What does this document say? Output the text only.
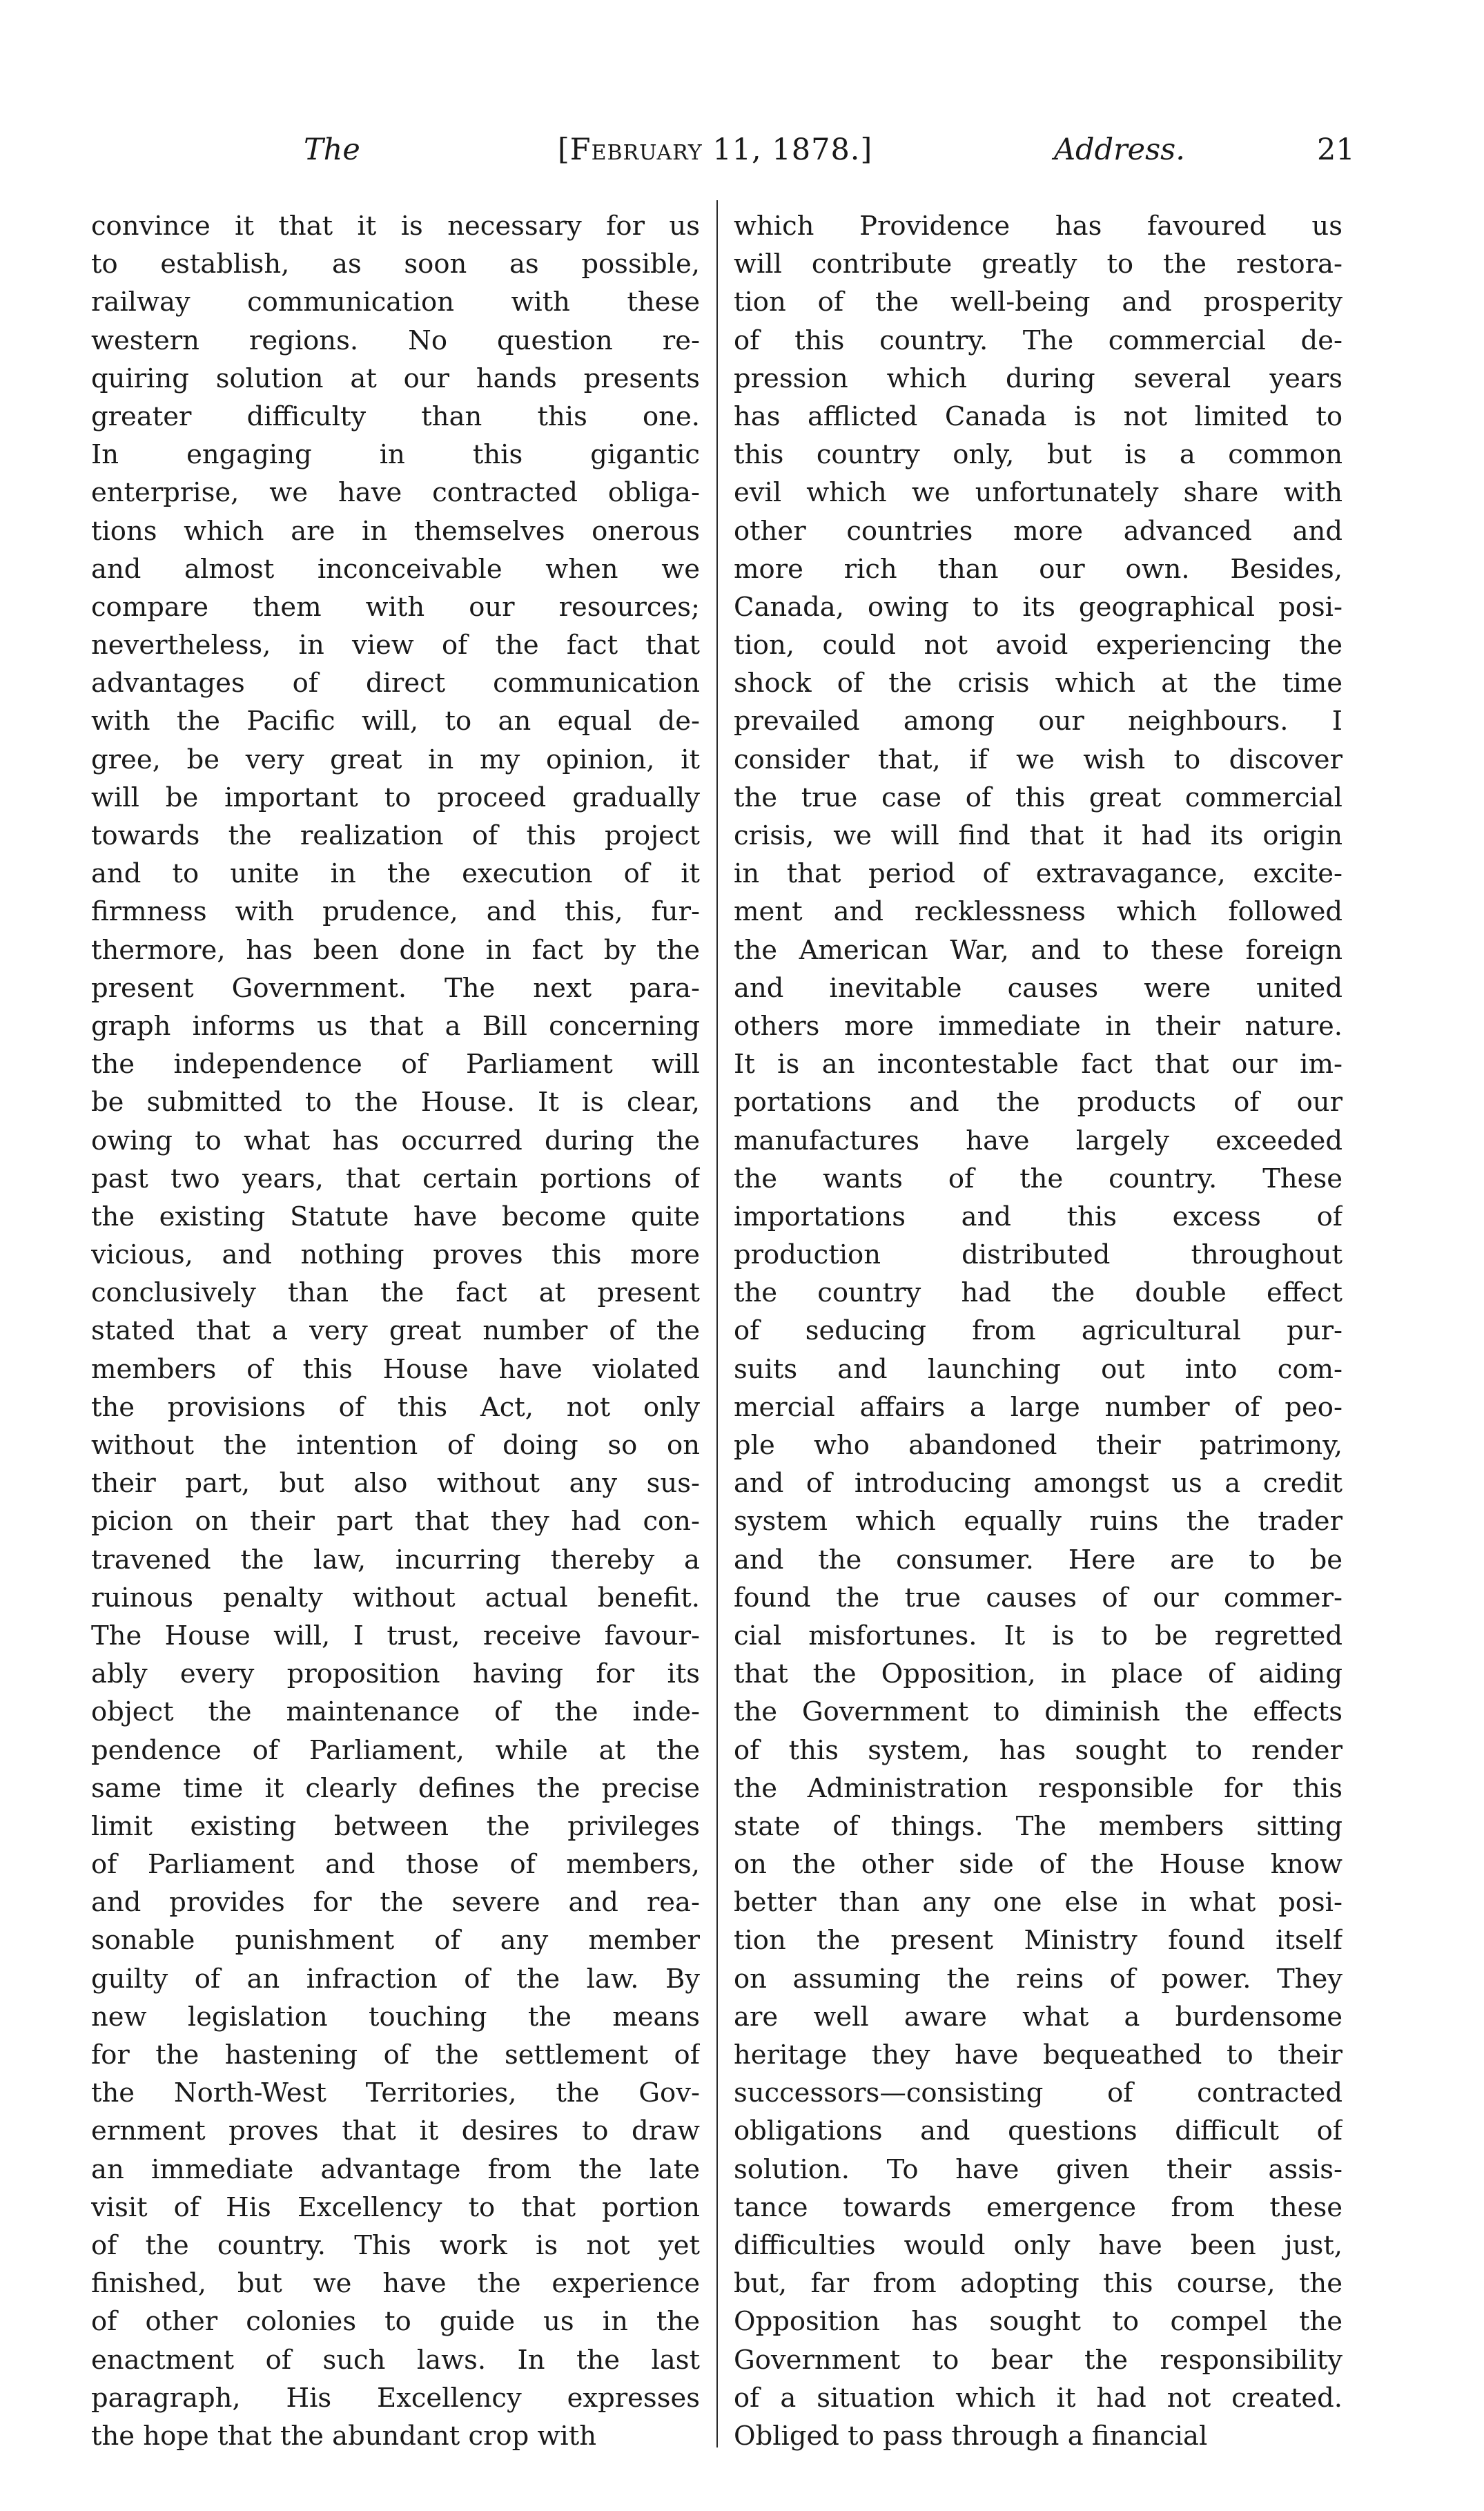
The	[February 11, 1878.]	Address.	21
convince it that it is necessary for us
to establish, as soon as possible,
railway communication with these
western regions. No question re-
quiring solution at our hands presents
greater difficulty than this one.
In engaging in this gigantic
enterprise, we have contracted obliga-
tions which are in themselves onerous
and almost inconceivable when we
compare them with our resources;
nevertheless, in view of the fact that
advantages of direct communication
with the Pacific will, to an equal de-
gree, be very great in my opinion, it
will be important to proceed gradually
towards the realization of this project
and to unite in the execution of it
firmness with prudence, and this, fur-
thermore, has been done in fact by the
present Government. The next para-
graph informs us that a Bill concerning
the independence of Parliament will
be submitted to the House. It is clear,
owing to what has occurred during the
past two years, that certain portions of
the existing Statute have become quite
vicious, and nothing proves this more
conclusively than the fact at present
stated that a very great number of the
members of this House have violated
the provisions of this Act, not only
without the intention of doing so on
their part, but also without any sus-
picion on their part that they had con-
travened the law, incurring thereby a
ruinous penalty without actual benefit.
The House will, I trust, receive favour-
ably every proposition having for its
object the maintenance of the inde-
pendence of Parliament, while at the
same time it clearly defines the precise
limit existing between the privileges
of Parliament and those of members,
and provides for the severe and rea-
sonable punishment of any member
guilty of an infraction of the law. By
new legislation touching the means
for the hastening of the settlement of
the North-West Territories, the Gov-
ernment proves that it desires to draw
an immediate advantage from the late
visit of His Excellency to that portion
of the country. This work is not yet
finished, but we have the experience
of other colonies to guide us in the
enactment of such laws. In the last
paragraph, His Excellency expresses
the hope that the abundant crop with
which Providence has favoured us
will contribute greatly to the restora-
tion of the well-being and prosperity
of this country. The commercial de-
pression which during several years
has afflicted Canada is not limited to
this country only, but is a common
evil which we unfortunately share with
other countries more advanced and
more rich than our own. Besides,
Canada, owing to its geographical posi-
tion, could not avoid experiencing the
shock of the crisis which at the time
prevailed among our neighbours. I
consider that, if we wish to discover
the true case of this great commercial
crisis, we will find that it had its origin
in that period of extravagance, excite-
ment and recklessness which followed
the American War, and to these foreign
and inevitable causes were united
others more immediate in their nature.
It is an incontestable fact that our im-
portations and the products of our
manufactures have largely exceeded
the wants of the country. These
importations and this excess of
production distributed throughout
the country had the double effect
of seducing from agricultural pur-
suits and launching out into com-
mercial affairs a large number of peo-
ple who abandoned their patrimony,
and of introducing amongst us a credit
system which equally ruins the trader
and the consumer. Here are to be
found the true causes of our commer-
cial misfortunes. It is to be regretted
that the Opposition, in place of aiding
the Government to diminish the effects
of this system, has sought to render
the Administration responsible for this
state of things. The members sitting
on the other side of the House know
better than any one else in what posi-
tion the present Ministry found itself
on assuming the reins of power. They
are well aware what a burdensome
heritage they have bequeathed to their
successors—consisting of contracted
obligations and questions difficult of
solution. To have given their assis-
tance towards emergence from these
difficulties would only have been just,
but, far from adopting this course, the
Opposition has sought to compel the
Government to bear the responsibility
of a situation which it had not created.
Obliged to pass through a financial
